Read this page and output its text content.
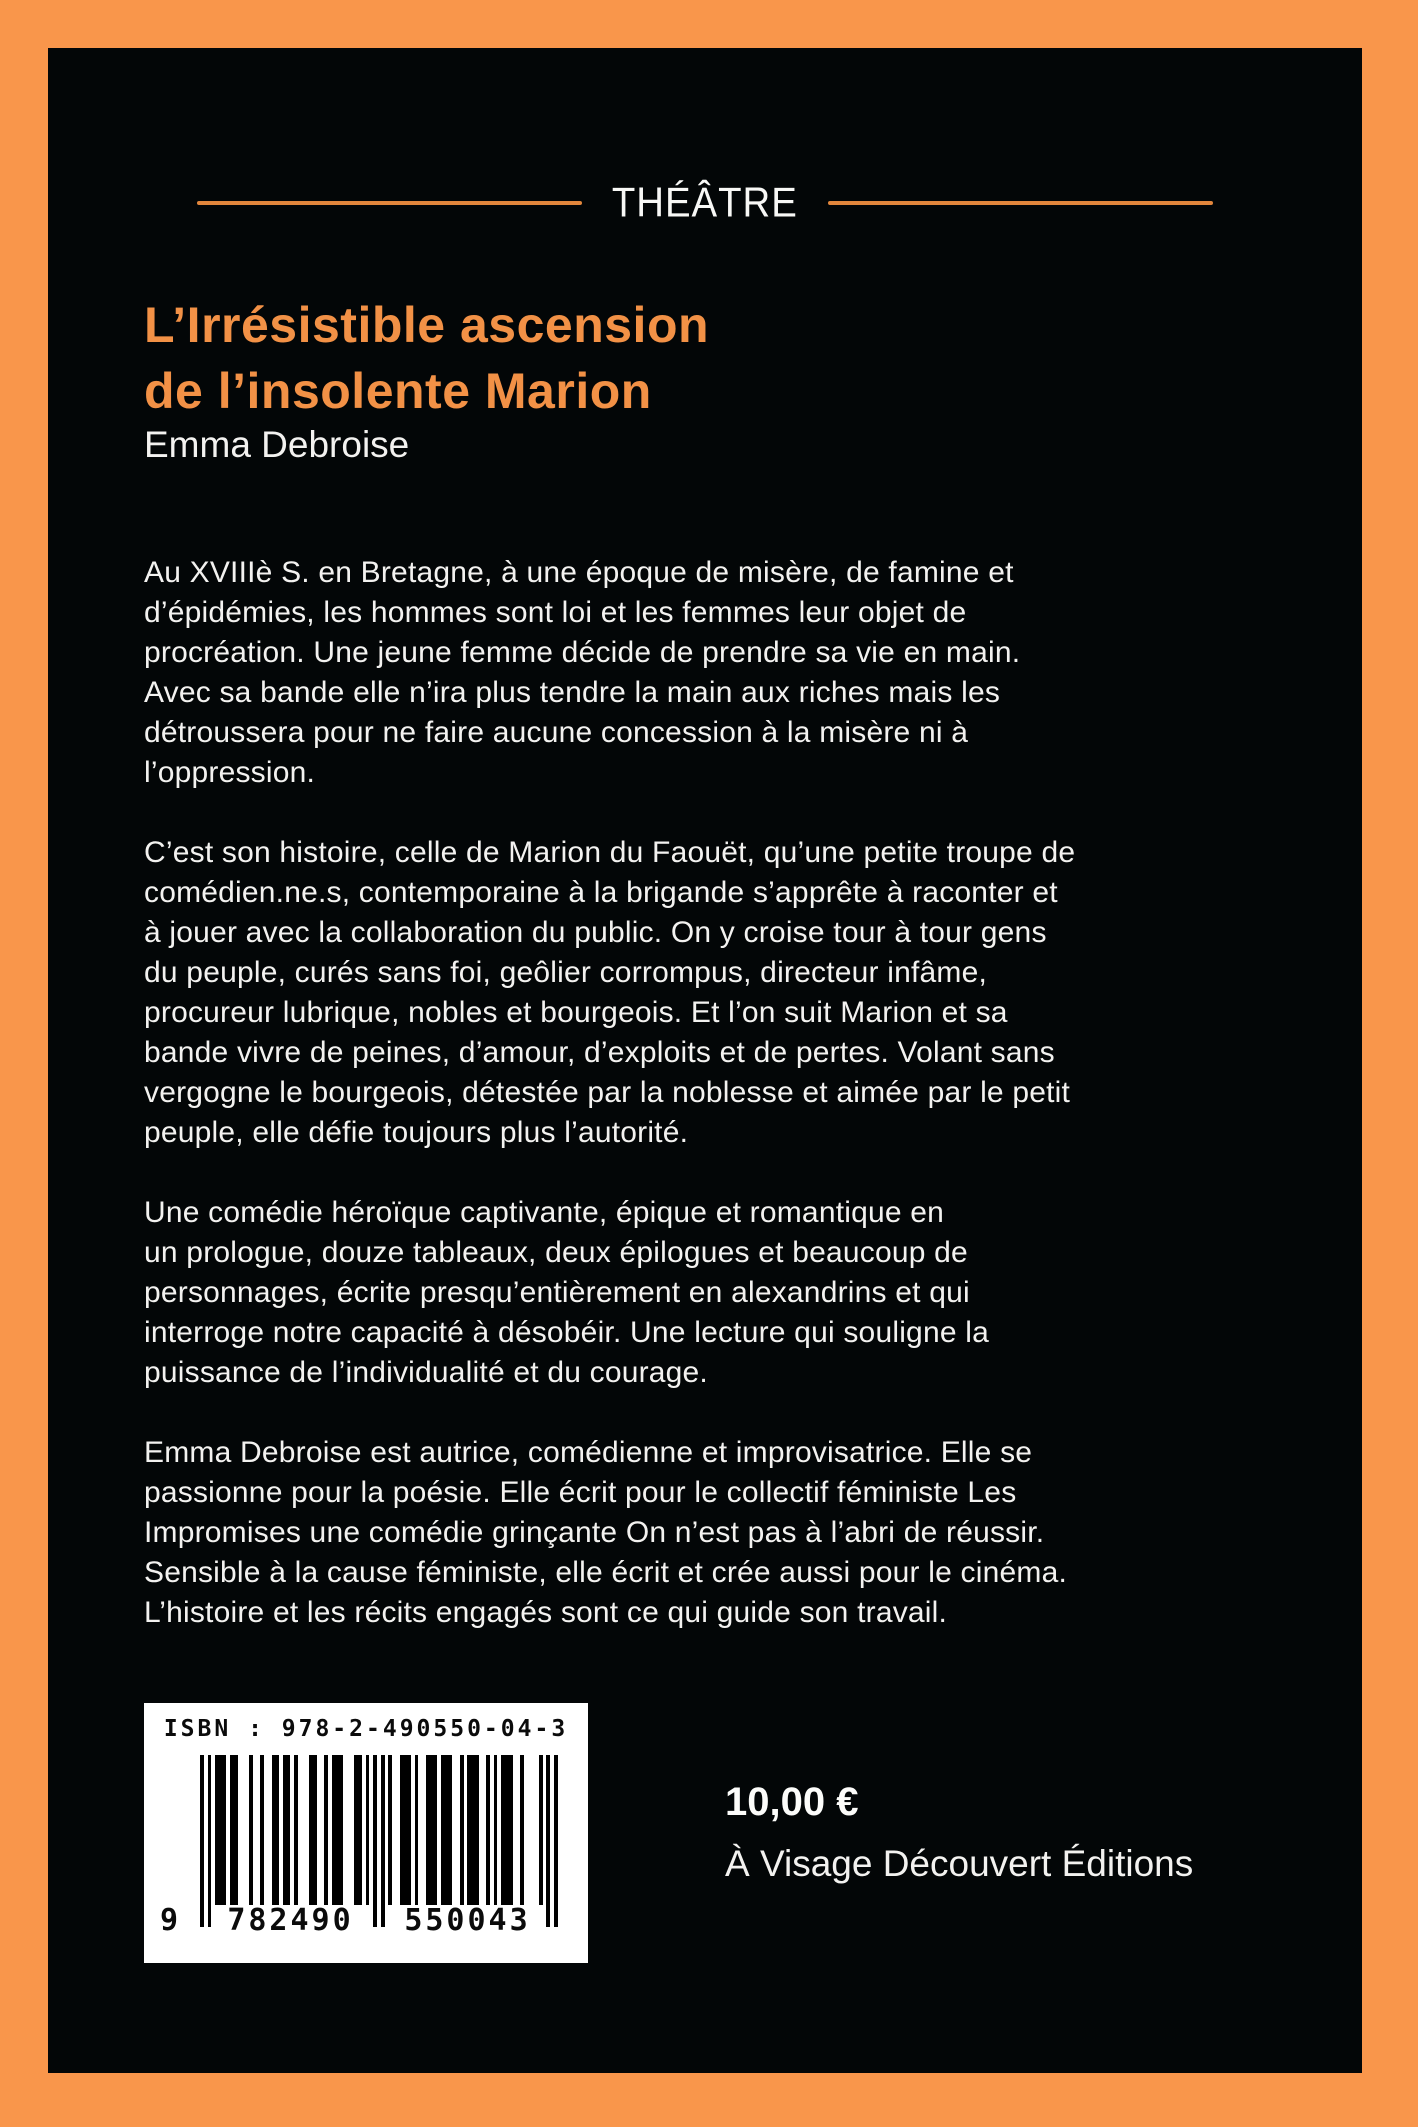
THÉÂTRE
L’Irrésistible ascension
de l’insolente Marion
Emma Debroise
Au XVIIIè S. en Bretagne, à une époque de misère, de famine et
d’épidémies, les hommes sont loi et les femmes leur objet de
procréation. Une jeune femme décide de prendre sa vie en main.
Avec sa bande elle n’ira plus tendre la main aux riches mais les
détroussera pour ne faire aucune concession à la misère ni à
l’oppression.
C’est son histoire, celle de Marion du Faouët, qu’une petite troupe de
comédien.ne.s, contemporaine à la brigande s’apprête à raconter et
à jouer avec la collaboration du public. On y croise tour à tour gens
du peuple, curés sans foi, geôlier corrompus, directeur infâme,
procureur lubrique, nobles et bourgeois. Et l’on suit Marion et sa
bande vivre de peines, d’amour, d’exploits et de pertes. Volant sans
vergogne le bourgeois, détestée par la noblesse et aimée par le petit
peuple, elle défie toujours plus l’autorité.
Une comédie héroïque captivante, épique et romantique en
un prologue, douze tableaux, deux épilogues et beaucoup de
personnages, écrite presqu’entièrement en alexandrins et qui
interroge notre capacité à désobéir. Une lecture qui souligne la
puissance de l’individualité et du courage.
Emma Debroise est autrice, comédienne et improvisatrice. Elle se
passionne pour la poésie. Elle écrit pour le collectif féministe Les
Impromises une comédie grinçante On n’est pas à l’abri de réussir.
Sensible à la cause féministe, elle écrit et crée aussi pour le cinéma.
L’histoire et les récits engagés sont ce qui guide son travail.
ISBN : 978-2-490550-04-3
9	782490	550043
10,00 €
À Visage Découvert Éditions
